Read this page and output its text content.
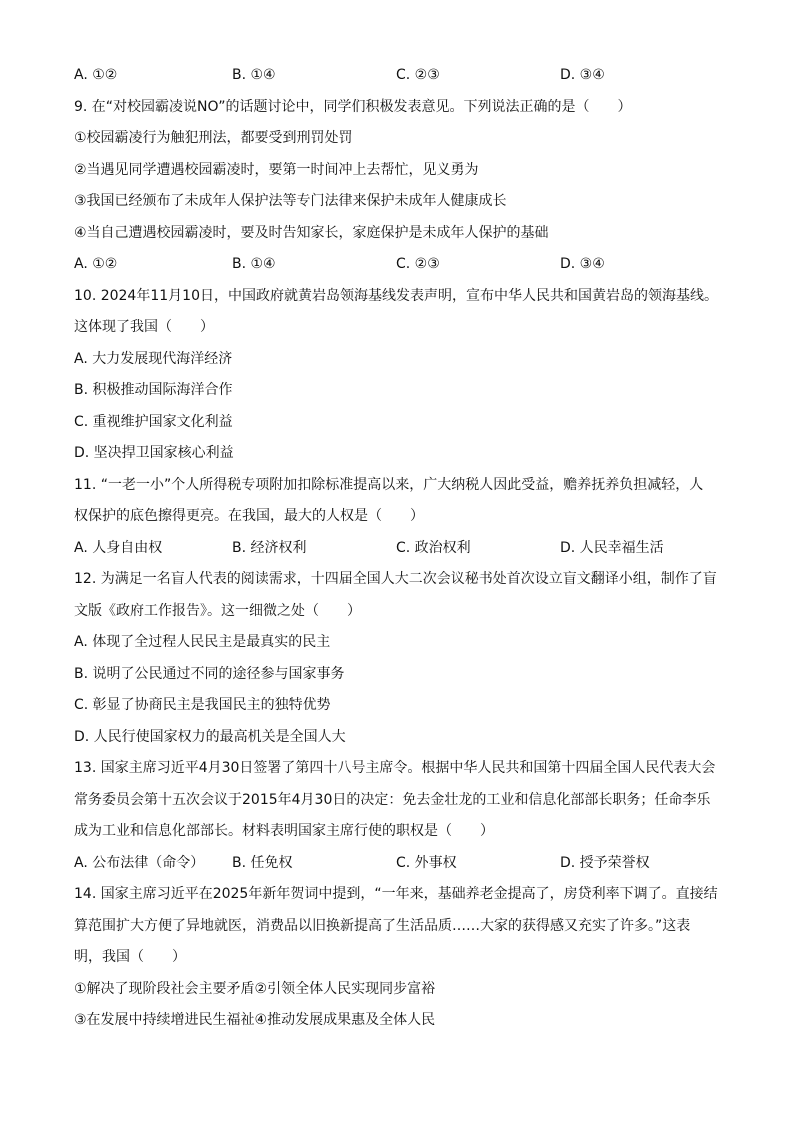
A. ①②	B. ①④	C. ②③	D. ③④
9. 在“对校园霸凌说NO”的话题讨论中，同学们积极发表意见。下列说法正确的是（　　）
①校园霸凌行为触犯刑法，都要受到刑罚处罚
②当遇见同学遭遇校园霸凌时，要第一时间冲上去帮忙，见义勇为
③我国已经颁布了未成年人保护法等专门法律来保护未成年人健康成长
④当自己遭遇校园霸凌时，要及时告知家长，家庭保护是未成年人保护的基础
A. ①②	B. ①④	C. ②③	D. ③④
10. 2024年11月10日，中国政府就黄岩岛领海基线发表声明，宣布中华人民共和国黄岩岛的领海基线。
这体现了我国（　　）
A. 大力发展现代海洋经济
B. 积极推动国际海洋合作
C. 重视维护国家文化利益
D. 坚决捍卫国家核心利益
11. “一老一小”个人所得税专项附加扣除标准提高以来，广大纳税人因此受益，赡养抚养负担减轻，人
权保护的底色擦得更亮。在我国，最大的人权是（　　）
A. 人身自由权	B. 经济权利	C. 政治权利	D. 人民幸福生活
12. 为满足一名盲人代表的阅读需求，十四届全国人大二次会议秘书处首次设立盲文翻译小组，制作了盲
文版《政府工作报告》。这一细微之处（　　）
A. 体现了全过程人民民主是最真实的民主
B. 说明了公民通过不同的途径参与国家事务
C. 彰显了协商民主是我国民主的独特优势
D. 人民行使国家权力的最高机关是全国人大
13. 国家主席习近平4月30日签署了第四十八号主席令。根据中华人民共和国第十四届全国人民代表大会
常务委员会第十五次会议于2015年4月30日的决定：免去金壮龙的工业和信息化部部长职务；任命李乐
成为工业和信息化部部长。材料表明国家主席行使的职权是（　　）
A. 公布法律（命令） B. 任免权	C. 外事权	D. 授予荣誉权
14. 国家主席习近平在2025年新年贺词中提到，“一年来，基础养老金提高了，房贷利率下调了。直接结
算范围扩大方便了异地就医，消费品以旧换新提高了生活品质……大家的获得感又充实了许多。”这表
明，我国（　　）
①解决了现阶段社会主要矛盾②引领全体人民实现同步富裕
③在发展中持续增进民生福祉④推动发展成果惠及全体人民
